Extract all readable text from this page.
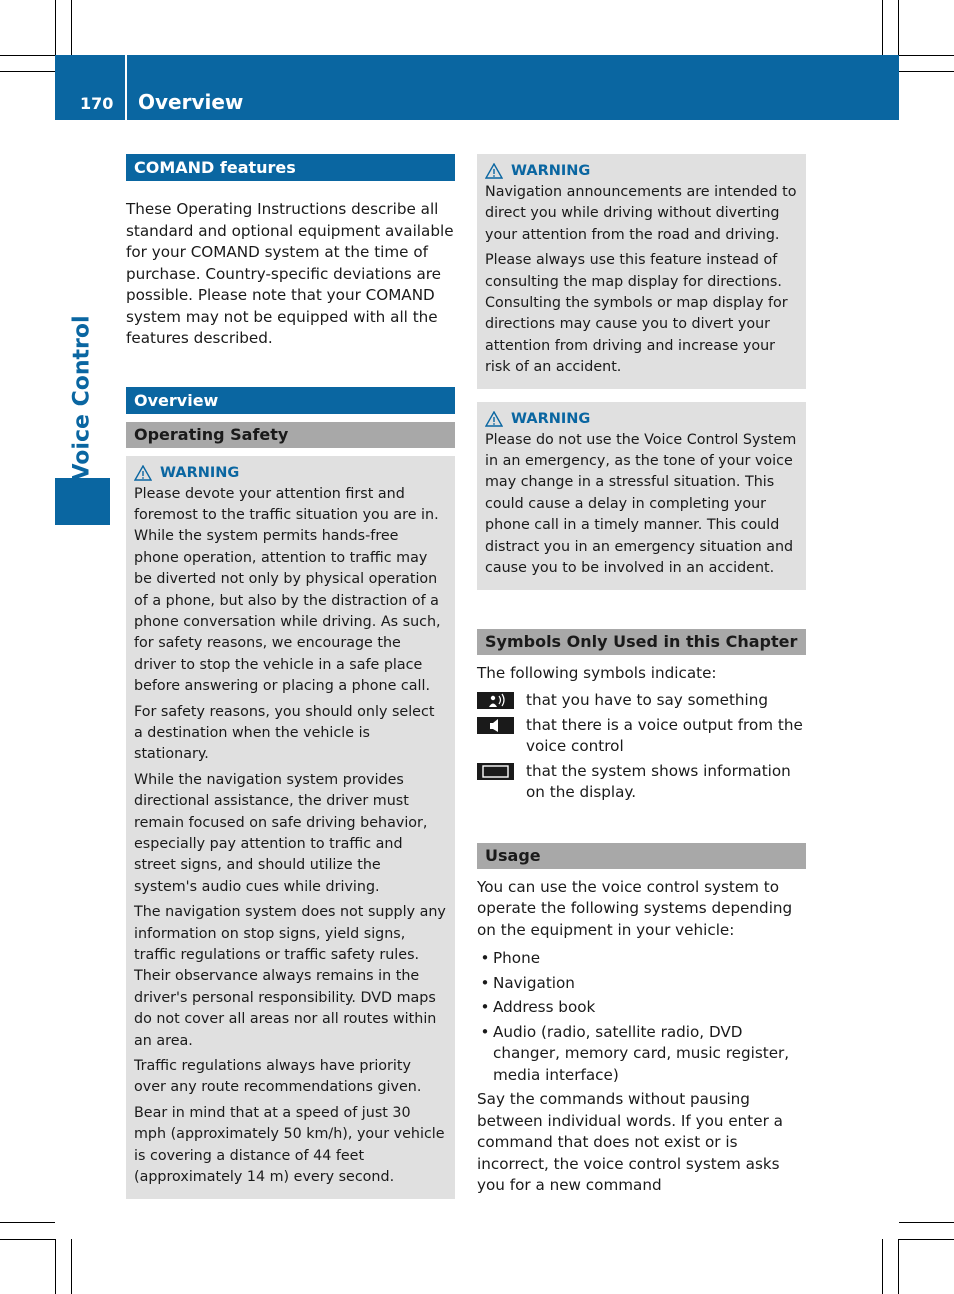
170 Overview
Voice Control
COMAND features

These Operating Instructions describe all standard and optional equipment available for your COMAND system at the time of purchase. Country-specific deviations are possible. Please note that your COMAND system may not be equipped with all the features described.

Overview
Operating Safety
WARNING

Please devote your attention first and foremost to the traffic situation you are in. While the system permits hands-free phone operation, attention to traffic may be diverted not only by physical operation of a phone, but also by the distraction of a phone conversation while driving. As such, for safety reasons, we encourage the driver to stop the vehicle in a safe place before answering or placing a phone call.

For safety reasons, you should only select a destination when the vehicle is stationary.

While the navigation system provides directional assistance, the driver must remain focused on safe driving behavior, especially pay attention to traffic and street signs, and should utilize the system's audio cues while driving.

The navigation system does not supply any information on stop signs, yield signs, traffic regulations or traffic safety rules. Their observance always remains in the driver's personal responsibility. DVD maps do not cover all areas nor all routes within an area.

Traffic regulations always have priority over any route recommendations given.

Bear in mind that at a speed of just 30 mph (approximately 50 km/h), your vehicle is covering a distance of 44 feet (approximately 14 m) every second.

WARNING

Navigation announcements are intended to direct you while driving without diverting your attention from the road and driving.

Please always use this feature instead of consulting the map display for directions. Consulting the symbols or map display for directions may cause you to divert your attention from driving and increase your risk of an accident.

WARNING

Please do not use the Voice Control System in an emergency, as the tone of your voice may change in a stressful situation. This could cause a delay in completing your phone call in a timely manner. This could distract you in an emergency situation and cause you to be involved in an accident.

Symbols Only Used in this Chapter

The following symbols indicate:

that you have to say something
that there is a voice output from the voice control
that the system shows information on the display.
Usage

You can use the voice control system to operate the following systems depending on the equipment in your vehicle:

• Phone
• Navigation
• Address book
• Audio (radio, satellite radio, DVD changer, memory card, music register, media interface)

Say the commands without pausing between individual words. If you enter a command that does not exist or is incorrect, the voice control system asks you for a new command
